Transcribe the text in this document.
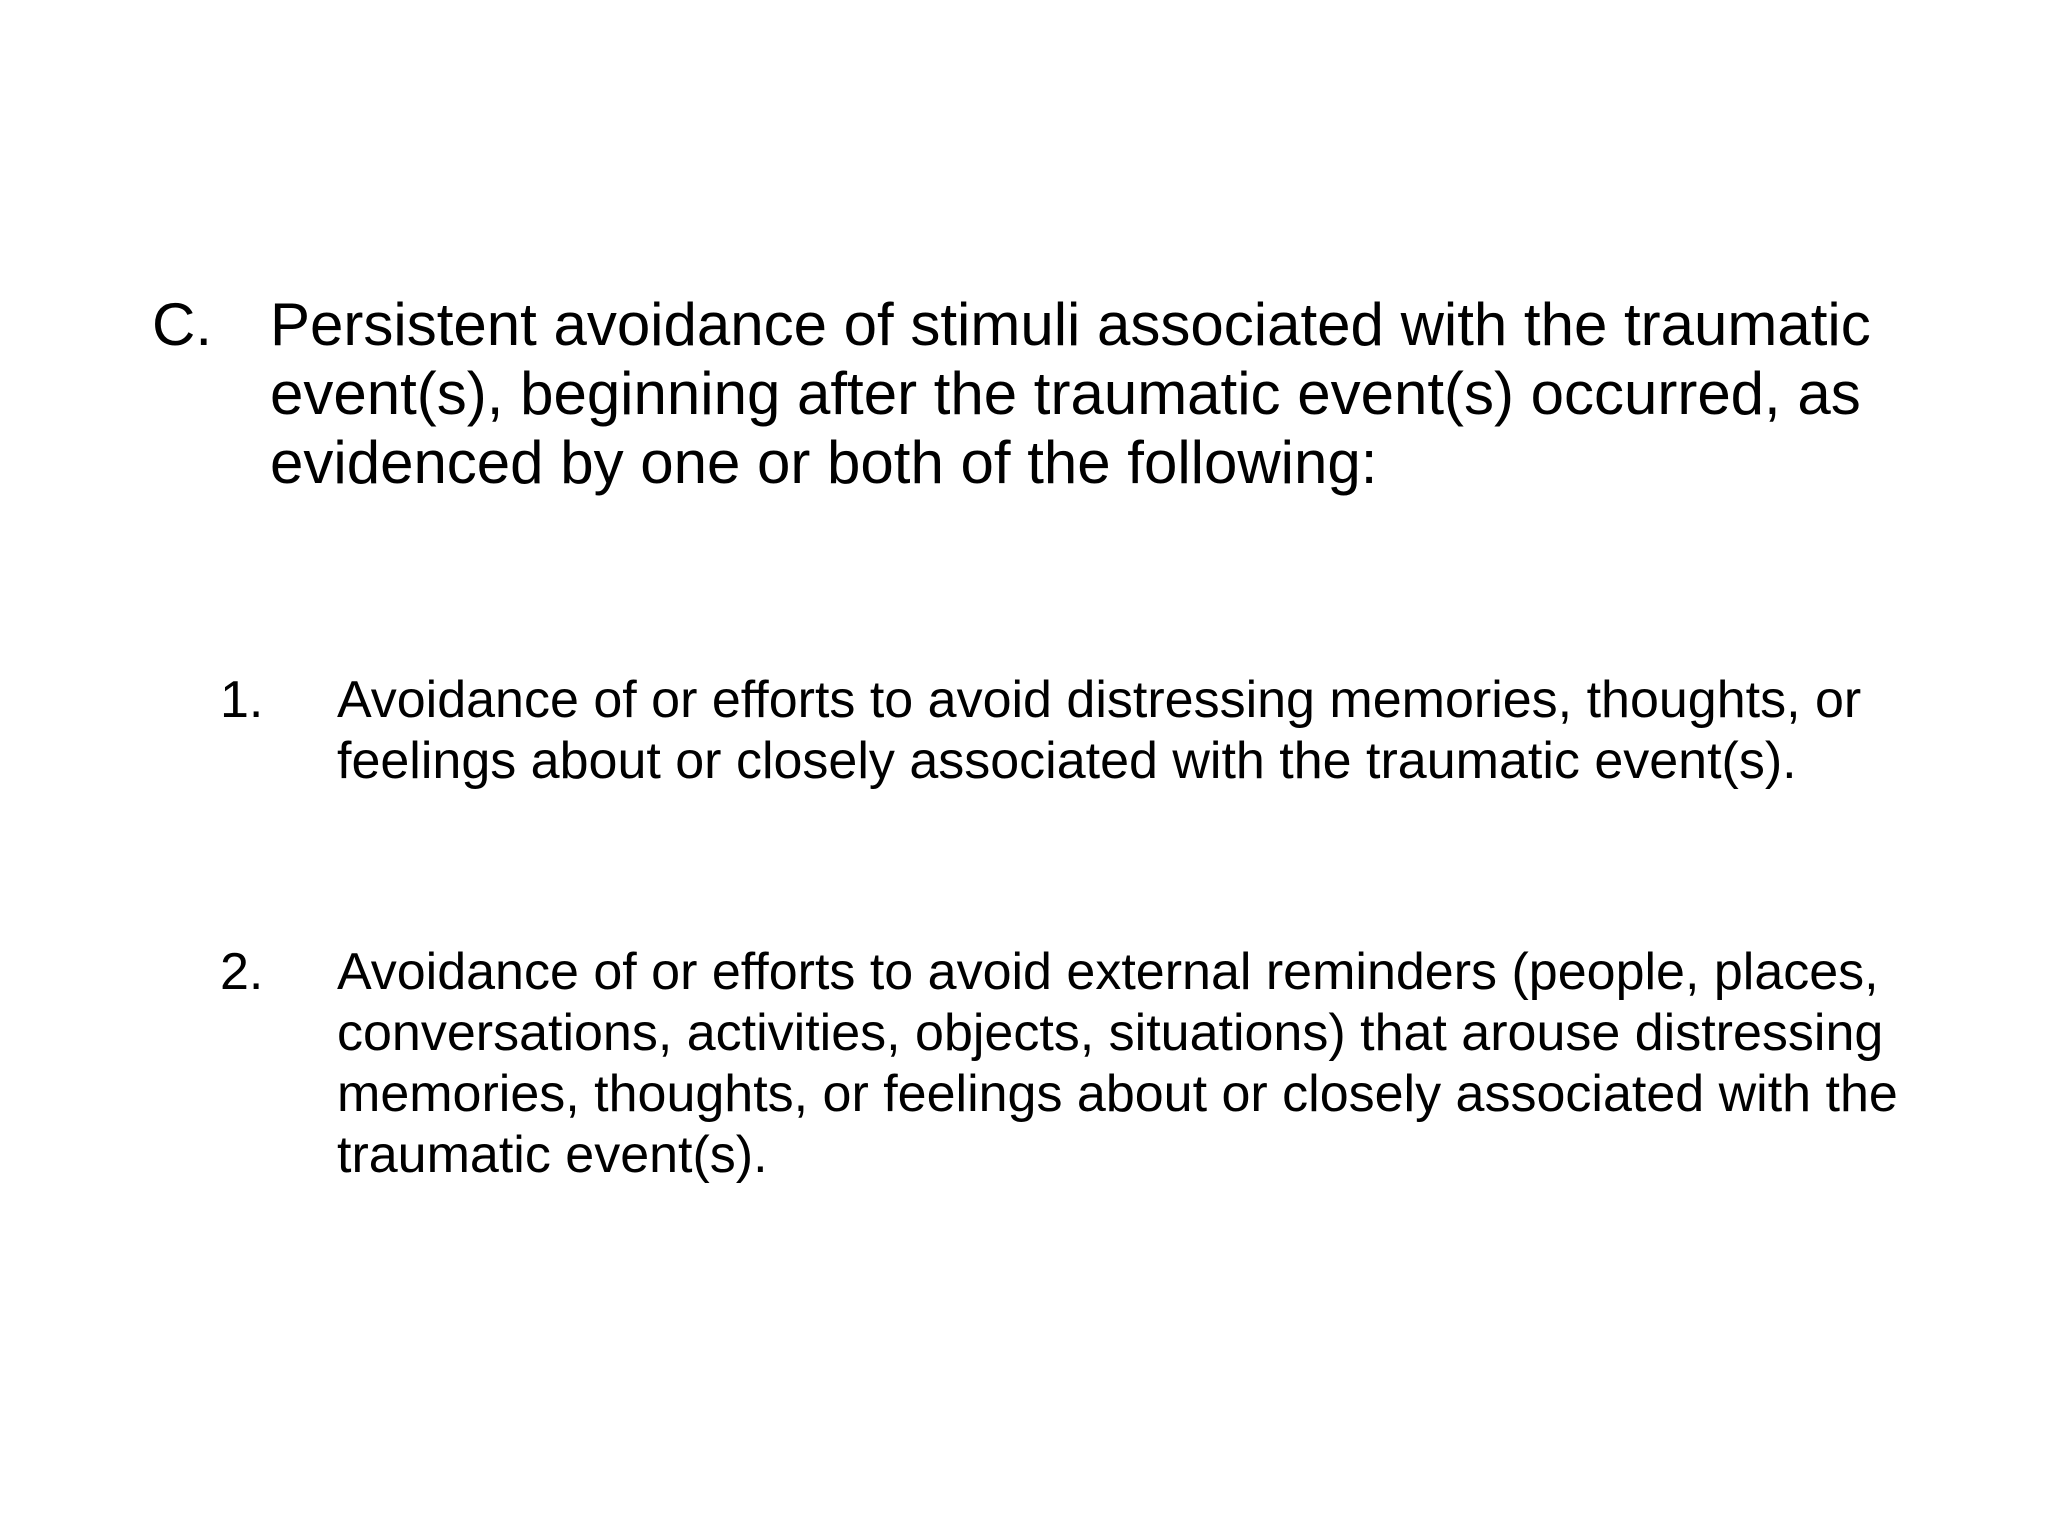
C. Persistent avoidance of stimuli associated with the traumatic event(s), beginning after the traumatic event(s) occurred, as evidenced by one or both of the following:
1.	Avoidance of or efforts to avoid distressing memories, thoughts, or feelings about or closely associated with the traumatic event(s).
2.	Avoidance of or efforts to avoid external reminders (people, places, conversations, activities, objects, situations) that arouse distressing memories, thoughts, or feelings about or closely associated with the traumatic event(s).
